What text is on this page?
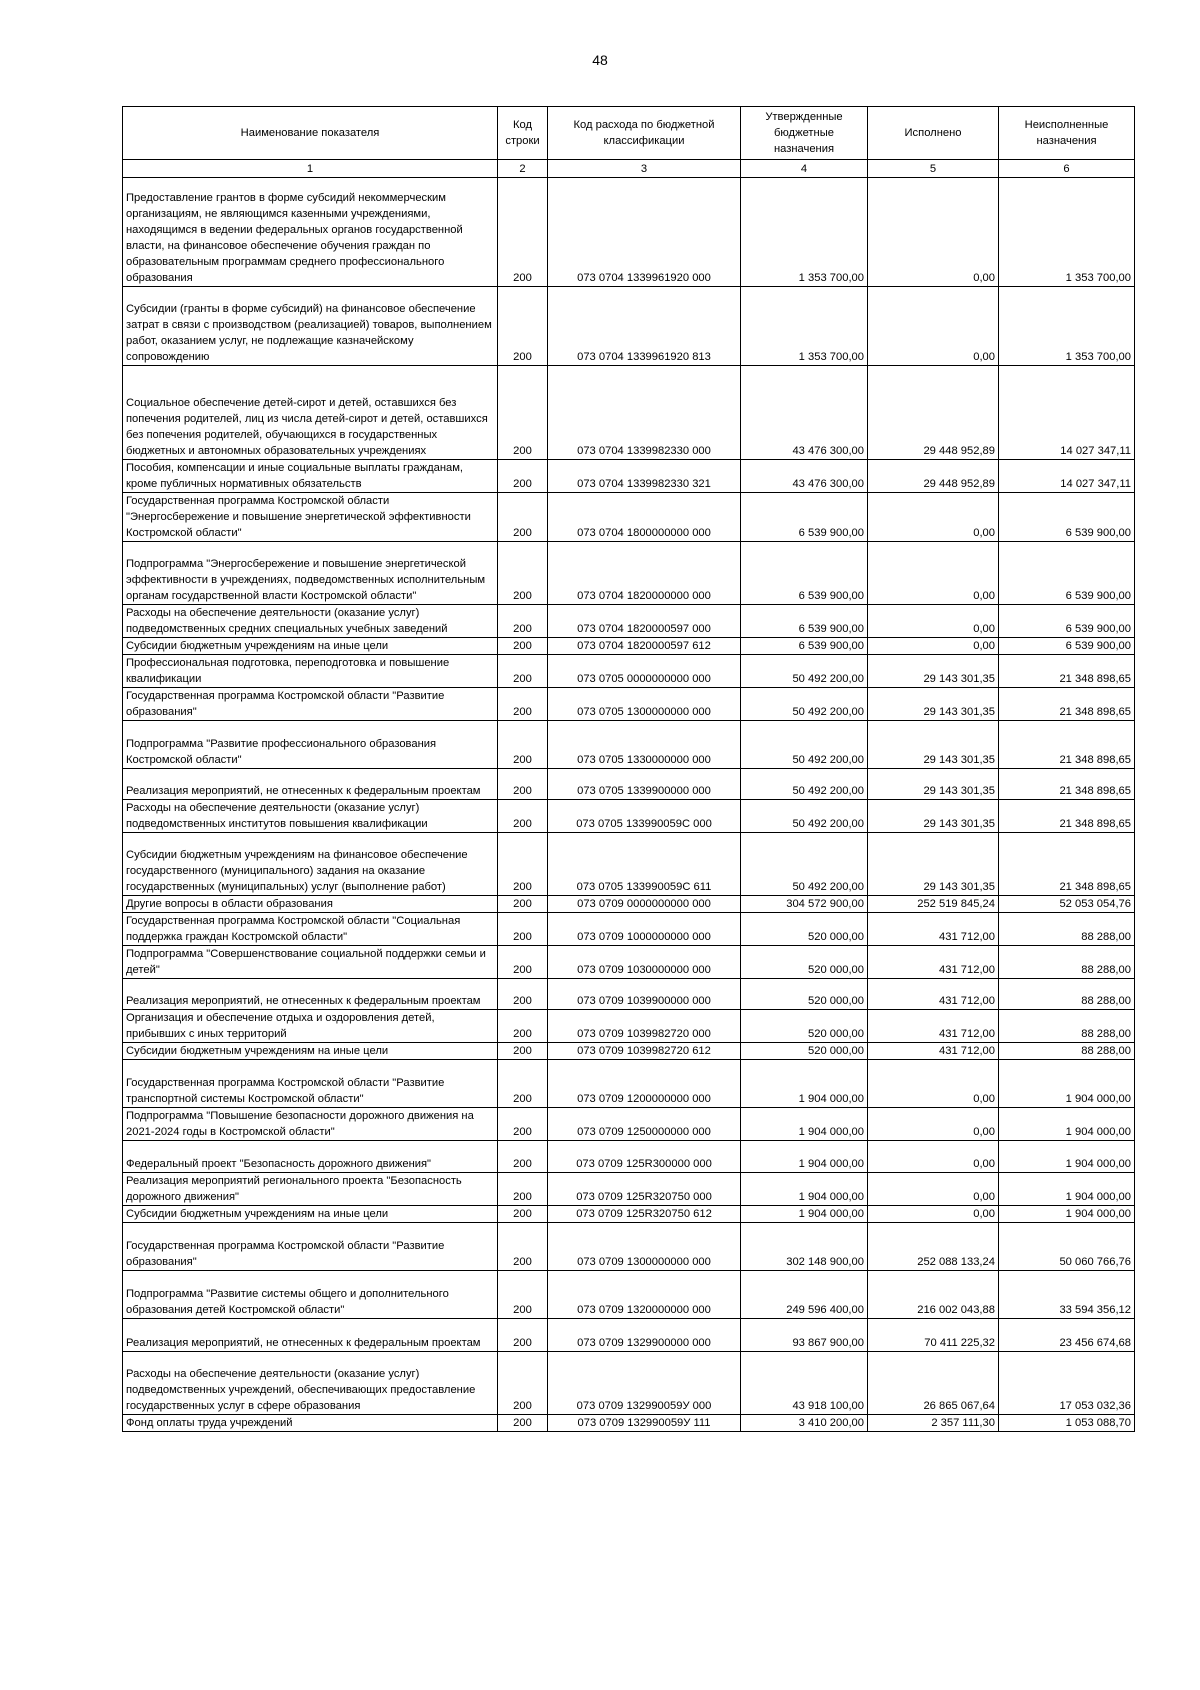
48
Наименование показателя	Код строки	Код расхода по бюджетной классификации	Утвержденные бюджетные назначения	Исполнено	Неисполненные назначения
1	2	3	4	5	6
Предоставление грантов в форме субсидий некоммерческим организациям, не являющимся казенными учреждениями, находящимся в ведении федеральных органов государственной власти, на финансовое обеспечение обучения граждан по образовательным программам среднего профессионального образования	200	073 0704 1339961920 000	1 353 700,00	0,00	1 353 700,00
Субсидии (гранты в форме субсидий) на финансовое обеспечение затрат в связи с производством (реализацией) товаров, выполнением работ, оказанием услуг, не подлежащие казначейскому сопровождению	200	073 0704 1339961920 813	1 353 700,00	0,00	1 353 700,00
Социальное обеспечение детей-сирот и детей, оставшихся без попечения родителей, лиц из числа детей-сирот и детей, оставшихся без попечения родителей, обучающихся в государственных бюджетных и автономных образовательных учреждениях	200	073 0704 1339982330 000	43 476 300,00	29 448 952,89	14 027 347,11
Пособия, компенсации и иные социальные выплаты гражданам, кроме публичных нормативных обязательств	200	073 0704 1339982330 321	43 476 300,00	29 448 952,89	14 027 347,11
Государственная программа Костромской области "Энергосбережение и повышение энергетической эффективности Костромской области"	200	073 0704 1800000000 000	6 539 900,00	0,00	6 539 900,00
Подпрограмма "Энергосбережение и повышение энергетической эффективности в учреждениях, подведомственных исполнительным органам государственной власти Костромской области"	200	073 0704 1820000000 000	6 539 900,00	0,00	6 539 900,00
Расходы на обеспечение деятельности (оказание услуг) подведомственных средних специальных учебных заведений	200	073 0704 1820000597 000	6 539 900,00	0,00	6 539 900,00
Субсидии бюджетным учреждениям на иные цели	200	073 0704 1820000597 612	6 539 900,00	0,00	6 539 900,00
Профессиональная подготовка, переподготовка и повышение квалификации	200	073 0705 0000000000 000	50 492 200,00	29 143 301,35	21 348 898,65
Государственная программа Костромской области "Развитие образования"	200	073 0705 1300000000 000	50 492 200,00	29 143 301,35	21 348 898,65
Подпрограмма "Развитие профессионального образования Костромской области"	200	073 0705 1330000000 000	50 492 200,00	29 143 301,35	21 348 898,65
Реализация мероприятий, не отнесенных к федеральным проектам	200	073 0705 1339900000 000	50 492 200,00	29 143 301,35	21 348 898,65
Расходы на обеспечение деятельности (оказание услуг) подведомственных институтов повышения квалификации	200	073 0705 133990059С 000	50 492 200,00	29 143 301,35	21 348 898,65
Субсидии бюджетным учреждениям на финансовое обеспечение государственного (муниципального) задания на оказание государственных (муниципальных) услуг (выполнение работ)	200	073 0705 133990059С 611	50 492 200,00	29 143 301,35	21 348 898,65
Другие вопросы в области образования	200	073 0709 0000000000 000	304 572 900,00	252 519 845,24	52 053 054,76
Государственная программа Костромской области "Социальная поддержка граждан Костромской области"	200	073 0709 1000000000 000	520 000,00	431 712,00	88 288,00
Подпрограмма "Совершенствование социальной поддержки семьи и детей"	200	073 0709 1030000000 000	520 000,00	431 712,00	88 288,00
Реализация мероприятий, не отнесенных к федеральным проектам	200	073 0709 1039900000 000	520 000,00	431 712,00	88 288,00
Организация и обеспечение отдыха и оздоровления детей, прибывших с иных территорий	200	073 0709 1039982720 000	520 000,00	431 712,00	88 288,00
Субсидии бюджетным учреждениям на иные цели	200	073 0709 1039982720 612	520 000,00	431 712,00	88 288,00
Государственная программа Костромской области "Развитие транспортной системы Костромской области"	200	073 0709 1200000000 000	1 904 000,00	0,00	1 904 000,00
Подпрограмма "Повышение безопасности дорожного движения на 2021-2024 годы в Костромской области"	200	073 0709 1250000000 000	1 904 000,00	0,00	1 904 000,00
Федеральный проект "Безопасность дорожного движения"	200	073 0709 125R300000 000	1 904 000,00	0,00	1 904 000,00
Реализация мероприятий регионального проекта "Безопасность дорожного движения"	200	073 0709 125R320750 000	1 904 000,00	0,00	1 904 000,00
Субсидии бюджетным учреждениям на иные цели	200	073 0709 125R320750 612	1 904 000,00	0,00	1 904 000,00
Государственная программа Костромской области "Развитие образования"	200	073 0709 1300000000 000	302 148 900,00	252 088 133,24	50 060 766,76
Подпрограмма "Развитие системы общего и дополнительного образования детей Костромской области"	200	073 0709 1320000000 000	249 596 400,00	216 002 043,88	33 594 356,12
Реализация мероприятий, не отнесенных к федеральным проектам	200	073 0709 1329900000 000	93 867 900,00	70 411 225,32	23 456 674,68
Расходы на обеспечение деятельности (оказание услуг) подведомственных учреждений, обеспечивающих предоставление государственных услуг в сфере образования	200	073 0709 132990059У 000	43 918 100,00	26 865 067,64	17 053 032,36
Фонд оплаты труда учреждений	200	073 0709 132990059У 111	3 410 200,00	2 357 111,30	1 053 088,70
